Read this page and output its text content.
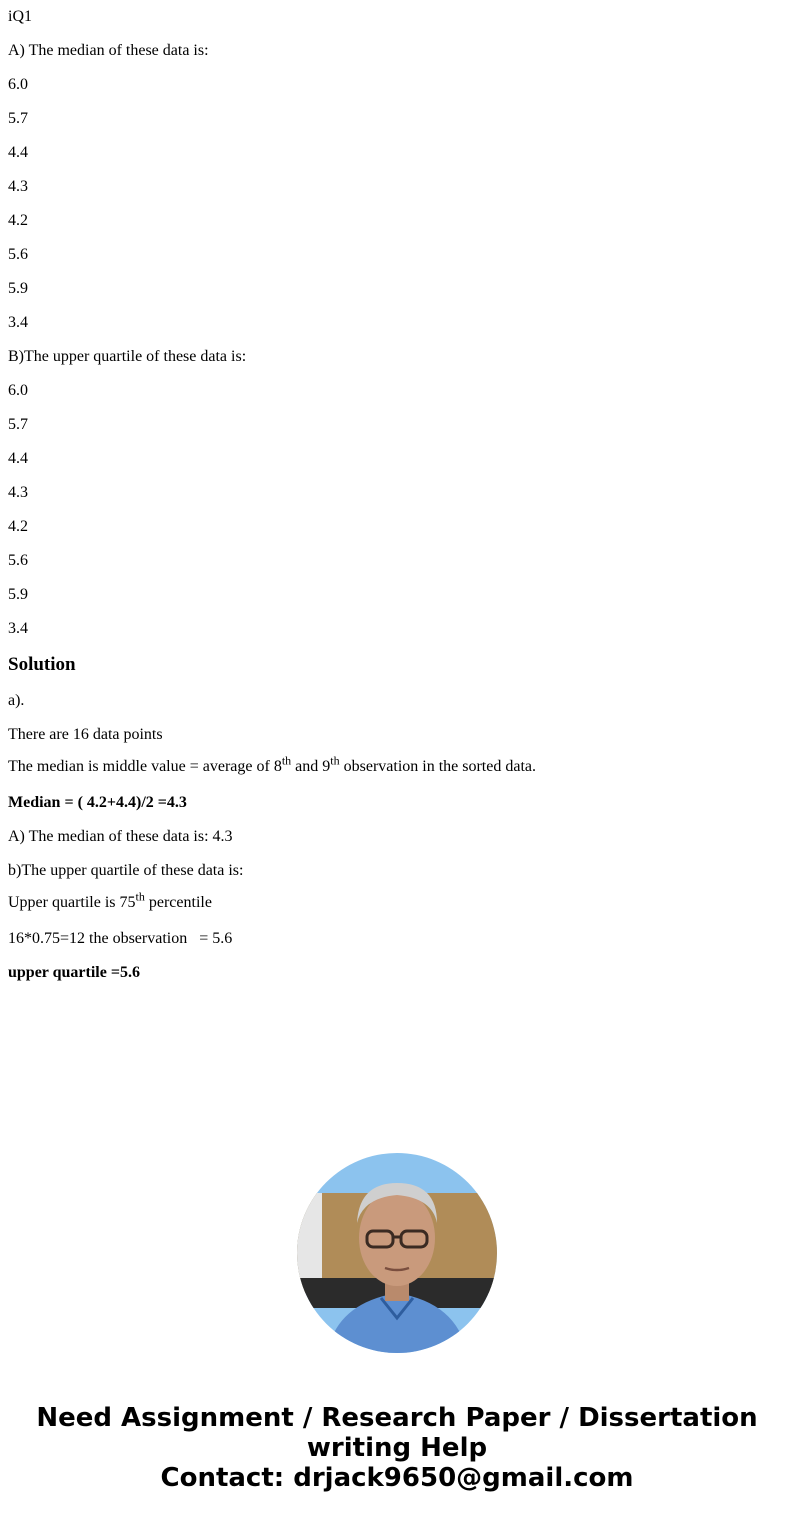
iQ1

A) The median of these data is:

6.0

5.7

4.4

4.3

4.2

5.6

5.9

3.4

B)The upper quartile of these data is:

6.0

5.7

4.4

4.3

4.2

5.6

5.9

3.4

Solution

a).

There are 16 data points

The median is middle value = average of 8th and 9th observation in the sorted data.

Median = ( 4.2+4.4)/2 =4.3

A) The median of these data is: 4.3

b)The upper quartile of these data is:

Upper quartile is 75th percentile

16*0.75=12 the observation   = 5.6

upper quartile =5.6

Need Assignment / Research Paper / Dissertation
writing Help
Contact: drjack9650@gmail.com
